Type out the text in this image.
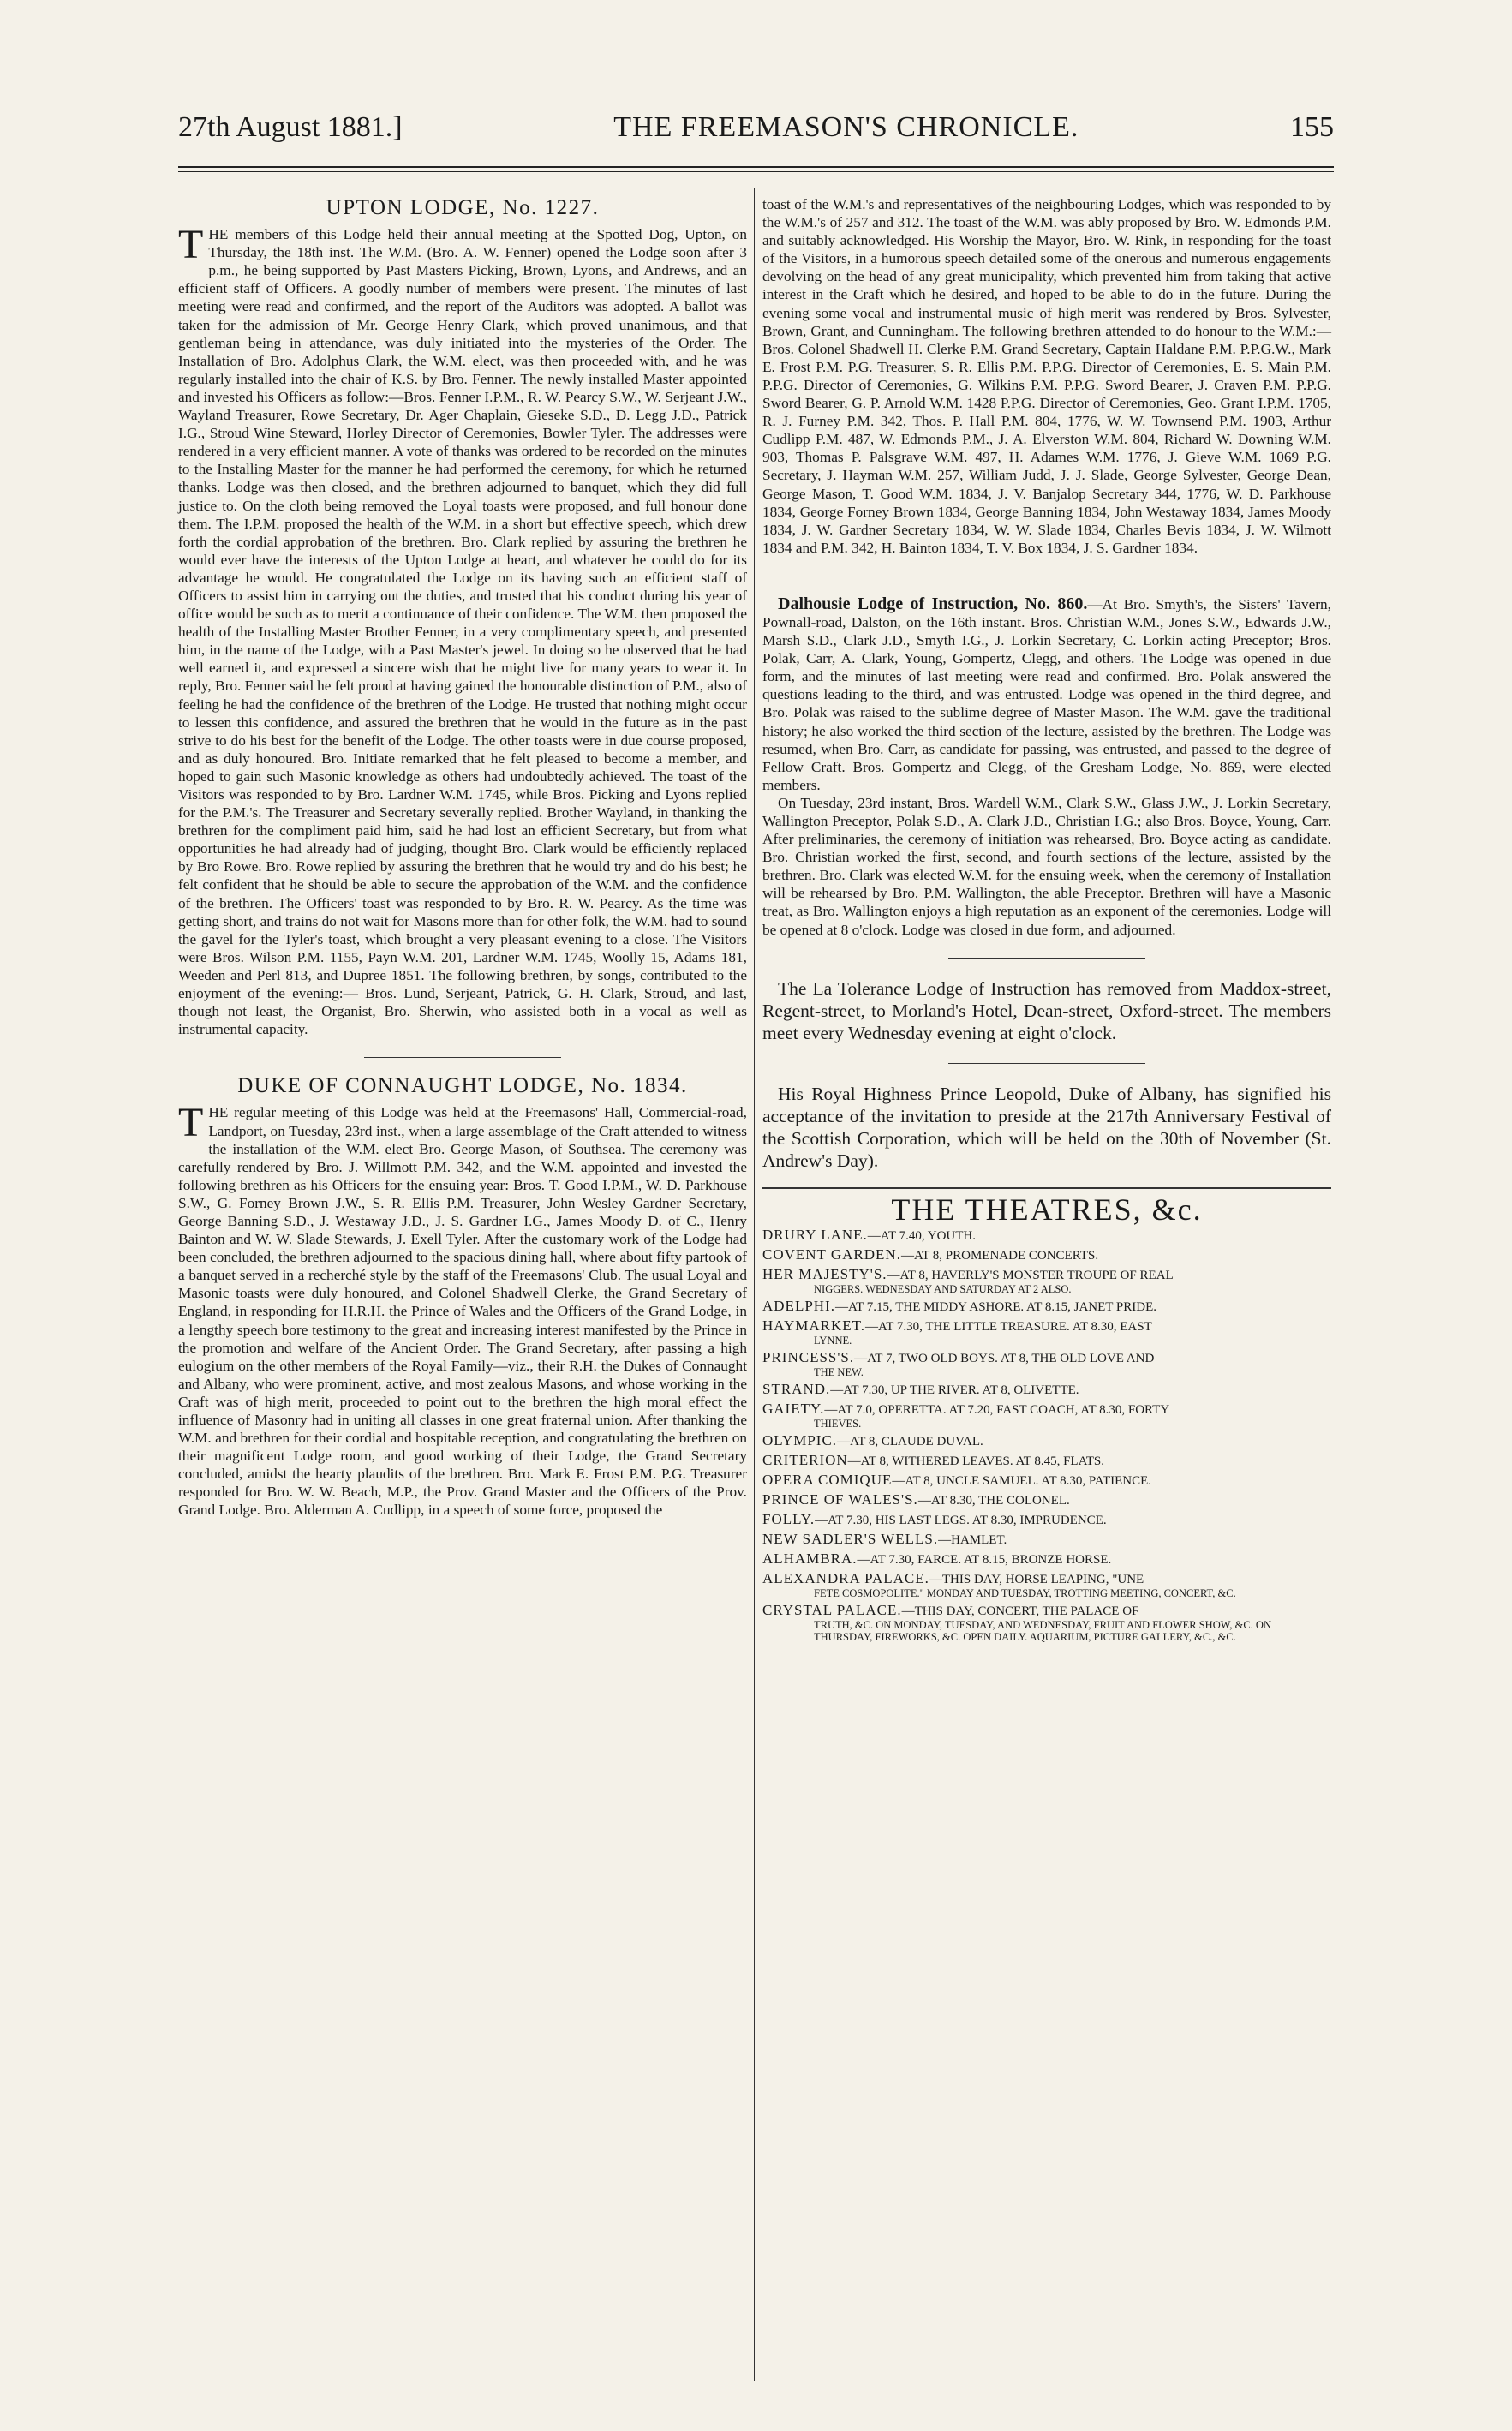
27th August 1881.]	THE FREEMASON'S CHRONICLE.	155
UPTON LODGE, No. 1227.

THE members of this Lodge held their annual meeting at the Spotted Dog, Upton, on Thursday, the 18th inst. The W.M. (Bro. A. W. Fenner) opened the Lodge soon after 3 p.m., he being supported by Past Masters Picking, Brown, Lyons, and Andrews, and an efficient staff of Officers. A goodly number of members were present. The minutes of last meeting were read and confirmed, and the report of the Auditors was adopted. A ballot was taken for the admission of Mr. George Henry Clark, which proved unanimous, and that gentleman being in attendance, was duly initiated into the mysteries of the Order. The Installation of Bro. Adolphus Clark, the W.M. elect, was then proceeded with, and he was regularly installed into the chair of K.S. by Bro. Fenner. The newly installed Master appointed and invested his Officers as follow:—Bros. Fenner I.P.M., R. W. Pearcy S.W., W. Serjeant J.W., Wayland Treasurer, Rowe Secretary, Dr. Ager Chaplain, Gieseke S.D., D. Legg J.D., Patrick I.G., Stroud Wine Steward, Horley Director of Ceremonies, Bowler Tyler. The addresses were rendered in a very efficient manner. A vote of thanks was ordered to be recorded on the minutes to the Installing Master for the manner he had performed the ceremony, for which he returned thanks. Lodge was then closed, and the brethren adjourned to banquet, which they did full justice to. On the cloth being removed the Loyal toasts were proposed, and full honour done them. The I.P.M. proposed the health of the W.M. in a short but effective speech, which drew forth the cordial approbation of the brethren. Bro. Clark replied by assuring the brethren he would ever have the interests of the Upton Lodge at heart, and whatever he could do for its advantage he would. He congratulated the Lodge on its having such an efficient staff of Officers to assist him in carrying out the duties, and trusted that his conduct during his year of office would be such as to merit a continuance of their confidence. The W.M. then proposed the health of the Installing Master Brother Fenner, in a very complimentary speech, and presented him, in the name of the Lodge, with a Past Master's jewel. In doing so he observed that he had well earned it, and expressed a sincere wish that he might live for many years to wear it. In reply, Bro. Fenner said he felt proud at having gained the honourable distinction of P.M., also of feeling he had the confidence of the brethren of the Lodge. He trusted that nothing might occur to lessen this confidence, and assured the brethren that he would in the future as in the past strive to do his best for the benefit of the Lodge. The other toasts were in due course proposed, and as duly honoured. Bro. Initiate remarked that he felt pleased to become a member, and hoped to gain such Masonic knowledge as others had undoubtedly achieved. The toast of the Visitors was responded to by Bro. Lardner W.M. 1745, while Bros. Picking and Lyons replied for the P.M.'s. The Treasurer and Secretary severally replied. Brother Wayland, in thanking the brethren for the compliment paid him, said he had lost an efficient Secretary, but from what opportunities he had already had of judging, thought Bro. Clark would be efficiently replaced by Bro Rowe. Bro. Rowe replied by assuring the brethren that he would try and do his best; he felt confident that he should be able to secure the approbation of the W.M. and the confidence of the brethren. The Officers' toast was responded to by Bro. R. W. Pearcy. As the time was getting short, and trains do not wait for Masons more than for other folk, the W.M. had to sound the gavel for the Tyler's toast, which brought a very pleasant evening to a close. The Visitors were Bros. Wilson P.M. 1155, Payn W.M. 201, Lardner W.M. 1745, Woolly 15, Adams 181, Weeden and Perl 813, and Dupree 1851. The following brethren, by songs, contributed to the enjoyment of the evening:— Bros. Lund, Serjeant, Patrick, G. H. Clark, Stroud, and last, though not least, the Organist, Bro. Sherwin, who assisted both in a vocal as well as instrumental capacity.

DUKE OF CONNAUGHT LODGE, No. 1834.

THE regular meeting of this Lodge was held at the Freemasons' Hall, Commercial-road, Landport, on Tuesday, 23rd inst., when a large assemblage of the Craft attended to witness the installation of the W.M. elect Bro. George Mason, of Southsea. The ceremony was carefully rendered by Bro. J. Willmott P.M. 342, and the W.M. appointed and invested the following brethren as his Officers for the ensuing year: Bros. T. Good I.P.M., W. D. Parkhouse S.W., G. Forney Brown J.W., S. R. Ellis P.M. Treasurer, John Wesley Gardner Secretary, George Banning S.D., J. Westaway J.D., J. S. Gardner I.G., James Moody D. of C., Henry Bainton and W. W. Slade Stewards, J. Exell Tyler. After the customary work of the Lodge had been concluded, the brethren adjourned to the spacious dining hall, where about fifty partook of a banquet served in a recherché style by the staff of the Freemasons' Club. The usual Loyal and Masonic toasts were duly honoured, and Colonel Shadwell Clerke, the Grand Secretary of England, in responding for H.R.H. the Prince of Wales and the Officers of the Grand Lodge, in a lengthy speech bore testimony to the great and increasing interest manifested by the Prince in the promotion and welfare of the Ancient Order. The Grand Secretary, after passing a high eulogium on the other members of the Royal Family—viz., their R.H. the Dukes of Connaught and Albany, who were prominent, active, and most zealous Masons, and whose working in the Craft was of high merit, proceeded to point out to the brethren the high moral effect the influence of Masonry had in uniting all classes in one great fraternal union. After thanking the W.M. and brethren for their cordial and hospitable reception, and congratulating the brethren on their magnificent Lodge room, and good working of their Lodge, the Grand Secretary concluded, amidst the hearty plaudits of the brethren. Bro. Mark E. Frost P.M. P.G. Treasurer responded for Bro. W. W. Beach, M.P., the Prov. Grand Master and the Officers of the Prov. Grand Lodge. Bro. Alderman A. Cudlipp, in a speech of some force, proposed the

toast of the W.M.'s and representatives of the neighbouring Lodges, which was responded to by the W.M.'s of 257 and 312. The toast of the W.M. was ably proposed by Bro. W. Edmonds P.M. and suitably acknowledged. His Worship the Mayor, Bro. W. Rink, in responding for the toast of the Visitors, in a humorous speech detailed some of the onerous and numerous engagements devolving on the head of any great municipality, which prevented him from taking that active interest in the Craft which he desired, and hoped to be able to do in the future. During the evening some vocal and instrumental music of high merit was rendered by Bros. Sylvester, Brown, Grant, and Cunningham. The following brethren attended to do honour to the W.M.:—Bros. Colonel Shadwell H. Clerke P.M. Grand Secretary, Captain Haldane P.M. P.P.G.W., Mark E. Frost P.M. P.G. Treasurer, S. R. Ellis P.M. P.P.G. Director of Ceremonies, E. S. Main P.M. P.P.G. Director of Ceremonies, G. Wilkins P.M. P.P.G. Sword Bearer, J. Craven P.M. P.P.G. Sword Bearer, G. P. Arnold W.M. 1428 P.P.G. Director of Ceremonies, Geo. Grant I.P.M. 1705, R. J. Furney P.M. 342, Thos. P. Hall P.M. 804, 1776, W. W. Townsend P.M. 1903, Arthur Cudlipp P.M. 487, W. Edmonds P.M., J. A. Elverston W.M. 804, Richard W. Downing W.M. 903, Thomas P. Palsgrave W.M. 497, H. Adames W.M. 1776, J. Gieve W.M. 1069 P.G. Secretary, J. Hayman W.M. 257, William Judd, J. J. Slade, George Sylvester, George Dean, George Mason, T. Good W.M. 1834, J. V. Banjalop Secretary 344, 1776, W. D. Parkhouse 1834, George Forney Brown 1834, George Banning 1834, John Westaway 1834, James Moody 1834, J. W. Gardner Secretary 1834, W. W. Slade 1834, Charles Bevis 1834, J. W. Wilmott 1834 and P.M. 342, H. Bainton 1834, T. V. Box 1834, J. S. Gardner 1834.

Dalhousie Lodge of Instruction, No. 860.—At Bro. Smyth's, the Sisters' Tavern, Pownall-road, Dalston, on the 16th instant. Bros. Christian W.M., Jones S.W., Edwards J.W., Marsh S.D., Clark J.D., Smyth I.G., J. Lorkin Secretary, C. Lorkin acting Preceptor; Bros. Polak, Carr, A. Clark, Young, Gompertz, Clegg, and others. The Lodge was opened in due form, and the minutes of last meeting were read and confirmed. Bro. Polak answered the questions leading to the third, and was entrusted. Lodge was opened in the third degree, and Bro. Polak was raised to the sublime degree of Master Mason. The W.M. gave the traditional history; he also worked the third section of the lecture, assisted by the brethren. The Lodge was resumed, when Bro. Carr, as candidate for passing, was entrusted, and passed to the degree of Fellow Craft. Bros. Gompertz and Clegg, of the Gresham Lodge, No. 869, were elected members.

On Tuesday, 23rd instant, Bros. Wardell W.M., Clark S.W., Glass J.W., J. Lorkin Secretary, Wallington Preceptor, Polak S.D., A. Clark J.D., Christian I.G.; also Bros. Boyce, Young, Carr. After preliminaries, the ceremony of initiation was rehearsed, Bro. Boyce acting as candidate. Bro. Christian worked the first, second, and fourth sections of the lecture, assisted by the brethren. Bro. Clark was elected W.M. for the ensuing week, when the ceremony of Installation will be rehearsed by Bro. P.M. Wallington, the able Preceptor. Brethren will have a Masonic treat, as Bro. Wallington enjoys a high reputation as an exponent of the ceremonies. Lodge will be opened at 8 o'clock. Lodge was closed in due form, and adjourned.

The La Tolerance Lodge of Instruction has removed from Maddox-street, Regent-street, to Morland's Hotel, Dean-street, Oxford-street. The members meet every Wednesday evening at eight o'clock.

His Royal Highness Prince Leopold, Duke of Albany, has signified his acceptance of the invitation to preside at the 217th Anniversary Festival of the Scottish Corporation, which will be held on the 30th of November (St. Andrew's Day).

THE THEATRES, &c.
DRURY LANE.—AT 7.40, YOUTH.
COVENT GARDEN.—AT 8, PROMENADE CONCERTS.
HER MAJESTY'S.—AT 8, HAVERLY'S MONSTER TROUPE OF REAL
NIGGERS. WEDNESDAY AND SATURDAY AT 2 ALSO.
ADELPHI.—AT 7.15, THE MIDDY ASHORE. AT 8.15, JANET PRIDE.
HAYMARKET.—AT 7.30, THE LITTLE TREASURE. AT 8.30, EAST
LYNNE.
PRINCESS'S.—AT 7, TWO OLD BOYS. AT 8, THE OLD LOVE AND
THE NEW.
STRAND.—AT 7.30, UP THE RIVER. AT 8, OLIVETTE.
GAIETY.—AT 7.0, OPERETTA. AT 7.20, FAST COACH, AT 8.30, FORTY
THIEVES.
OLYMPIC.—AT 8, CLAUDE DUVAL.
CRITERION—AT 8, WITHERED LEAVES. AT 8.45, FLATS.
OPERA COMIQUE—AT 8, UNCLE SAMUEL. AT 8.30, PATIENCE.
PRINCE OF WALES'S.—AT 8.30, THE COLONEL.
FOLLY.—AT 7.30, HIS LAST LEGS. AT 8.30, IMPRUDENCE.
NEW SADLER'S WELLS.—HAMLET.
ALHAMBRA.—AT 7.30, FARCE. AT 8.15, BRONZE HORSE.
ALEXANDRA PALACE.—THIS DAY, HORSE LEAPING, "UNE
FETE COSMOPOLITE." MONDAY AND TUESDAY, TROTTING MEETING, CONCERT, &C.
CRYSTAL PALACE.—THIS DAY, CONCERT, THE PALACE OF
TRUTH, &C. ON MONDAY, TUESDAY, AND WEDNESDAY, FRUIT AND FLOWER SHOW, &C. ON THURSDAY, FIREWORKS, &C. OPEN DAILY. AQUARIUM, PICTURE GALLERY, &C., &C.
